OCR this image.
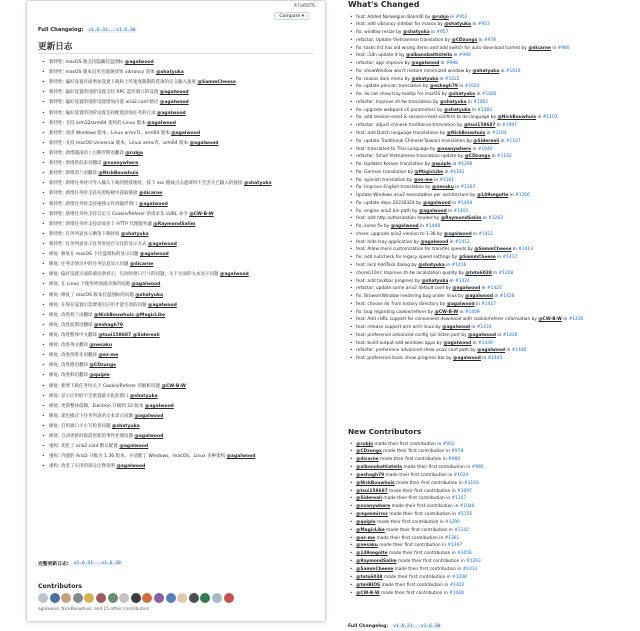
47a6876
Compare ▾
Full Changelog:	v1.6.31...v1.6.30
更新日志
• 新特性: macOS 版支持隐藏托盘图标 @agalwood
• 新特性: macOS 版本启用毛玻璃效果 vibrancy 效果 @shatyuka
• 新特性: 偏好设置页面增加设置下载和上传速度限制的选项的定义输入速度 @SammCheese
• 新特性: 偏好设置的进阶设置支持 RPC 监听端口的设置 @agalwood
• 新特性: 偏好设置的进阶设置增加内置 aria2.conf 路径 @agalwood
• 新特性: 偏好设置的进阶设置支持配置添加任务的目录 @agalwood
• 新特性: 支持 arm32/arm64 架构的 Linux 版本 @agalwood
• 新特性: 改进 Windows 版本，Linux armv7l、arm64 版本 @agalwood
• 新特性: 支持 macOS Universal 版本，Linux armv7l、arm64 版本 @agalwood
• 新特性: 新增越南语 / 白俄罗斯语翻译 @rubjo
• 新特性: 新增希伯来语翻译 @nxanywhere
• 新特性: 新增荷兰语翻译 @NickBouwhuis
• 新特性: 新增任务时可导入输入下载的链接地址，按下 esc 键或点击遮罩时不会丢失已输入的链接 @shatyuka
• 新特性: 新增任务时支持从剪贴板中获取链接 @dicarne
• 新特性: 新增任务时支持拖拽文件到悬浮窗口 @agalwood
• 新特性: 新增任务时支持自定义 Cookie/Referer 的请求头 cURL 命令 @CW-B-W
• 新特性: 新增任务时支持添加多个 HTTP 代理服务器 @RaymondSalim
• 新特性: 任务列表显示剩余下载时间 @shatyuka
• 新特性: 任务列表显示任务进度百分比的显示方式 @agalwood
• 修复: 修复在 macOS 下托盘图标的显示问题 @agalwood
• 修复: 任务详情页中的任务信息显示问题 @dicarne
• 修复: 偏好设置页面的滚动条显示，启动时窗口尺寸的问题，关于页面的文本显示问题 @agalwood
• 修复: 在 Linux 下使用界面滚动条的问题 @agalwood
• 修复: 修复了 macOS 版本托盘图标的问题 @shatyuka
• 修复: 在保存设置后需要重启应用才能生效的问题 @agalwood
• 修复: 改进荷兰语翻译 @NickBouwhuis @MagicLike
• 修复: 改进波斯语翻译 @eshagh79
• 修复: 改进繁体中文翻译 @tsoi158687 @Siderealí
• 修复: 改进英文翻译 @nesaku
• 修复: 改进西班牙语翻译 @ez-me
• 修复: 改进德语翻译 @CDzungx
• 修复: 改进韩语翻译 @quiple
• 修复: 新增下载任务时关于 Cookie/Referer 的解析问题 @CW-B-W
• 修复: 显示应用时不会重置最小化的窗口 @shatyuka
• 修复: 更新整体依赖，Electron 升级到 22 版本 @agalwood
• 修复: 深色模式下任务列表的文本显示问题 @agalwood
• 修复: 启用端口大小写检查问题 @shatyuka
• 修复: 自动更新时取消更新的事件处理问题 @agalwood
• 重构: 优化了 aria2.conf 默认配置 @agalwood
• 重构: 内置的 Aria2 升级为 1.36 版本，并适配了 Windows、macOS、Linux 多种架构 @agalwood
• 重构: 改善了应用的部分注释说明 @agalwood
完整更新日志:	v1.6.31...v1.6.30
Contributors
agalwood, NickBouwhuis, and 15 other contributors
What's Changed
• feat: Added Norwegian Bokmål by @rubjo in #952
• feat: add vibrancy sidebar for macos by @shatyuka in #953
• fix: window resize by @shatyuka in #957
• refactor: Update Vietnamese translation by @CDzungx in #978
• fix: tasks list has old wrong items and add switch for auto download torrent by @dicarne in #980
• feat: i18n update it by @albanobattistella in #990
• refactor: app improve by @agalwood in #998
• fix: showWindow won't restore minimized window by @shatyuka in #1019
• fix: macos dark menu by @shatyuka in #1022
• fix: update persian translation by @eshagh79 in #1024
• fix: do not show tray tooltip for macOS by @shatyuka in #1085
• refactor: Improve zh-tw translation by @shatyuka in #1062
• fix: upgrade webpack cli parameters by @shatyuka in #1083
• fix: add session-reset & session-reset-confirm to de language by @NickBouwhuis in #1103
• refactor: adjust chinese traditional translation by @tsoi158687 in #1097
• feat: add Dutch language translations by @NickBouwhuis in #1104
• fix: update Traditional Chinese(Taiwan) translation by @Siderealí in #1107
• feat: translated to Thai Language by @nxanywhere in #1040
• refactor: Small Vietnamese translation update by @CDzungx in #1162
• fix: Updates Korean translation by @quiple in #1290
• fix: German translation by @MagicLike in #1142
• fix: spanish translation by @ez-me in #1361
• fix: Improve English translation by @nesaku in #1367
• Update Windows aria2 executables per architecture by @149segolte in #1356
• fix: update deps 20230324 by @agalwood in #1404
• fix: engine aria2 bin path by @agalwood in #1405
• feat: add http authorization header by @RaymondSalim in #1263
• fix: some fix by @agalwood in #1408
• chore: upgrade aria2 version to 1.36 by @agalwood in #1411
• feat: hide tray application by @agalwood in #1412
• feat: Allow more customization for transfer speeds by @SammCheese in #1413
• fix: add nullcheck for legacy speed settings by @SammCheese in #1417
• feat: lock AddTask dialog by @shatyuka in #1416
• chore(i10n): Improve zh-tw localization quality by @toto6038 in #1208
• feat: add taskbar progress by @shatyuka in #1424
• refactor: update some aria2 default conf by @agalwood in #1425
• fix: BrowserWindow rendering bug under linux by @agalwood in #1426
• feat: choose dir from history directory by @agalwood in #1427
• fix: bug regarding cookie/referer by @CW-B-W in #1409
• feat: Add cURL support for convenient download with cookie/referer information by @CW-B-W in #1430
• feat: release support arm arch linux by @agalwood in #1434
• feat: preference advanced config rpc listen port by @agalwood in #1436
• feat: build output add windows apps by @agalwood in #1439
• refactor: preference advanced show aria2 conf path by @agalwood in #1440
• feat: preference basic show progress bar by @agalwood in #1445
New Contributors
• @rubjo made their first contribution in #952
• @CDzungx made their first contribution in #978
• @dicarne made their first contribution in #980
• @albanobattistella made their first contribution in #990
• @eshagh79 made their first contribution in #1024
• @NickBouwhuis made their first contribution in #1103
• @tsoi158687 made their first contribution in #1097
• @Siderealí made their first contribution in #1107
• @nxanywhere made their first contribution in #1040
• @mpmmirror made their first contribution in #1155
• @quiple made their first contribution in #1290
• @MagicLike made their first contribution in #1142
• @ez-me made their first contribution in #1361
• @nesaku made their first contribution in #1367
• @149segolte made their first contribution in #1056
• @RaymondSalim made their first contribution in #1263
• @SammCheese made their first contribution in #1413
• @toto6038 made their first contribution in #1208
• @tmiBIOS made their first contribution in #1422
• @CW-B-W made their first contribution in #1428
Full Changelog:	v1.6.31...v1.6.30
